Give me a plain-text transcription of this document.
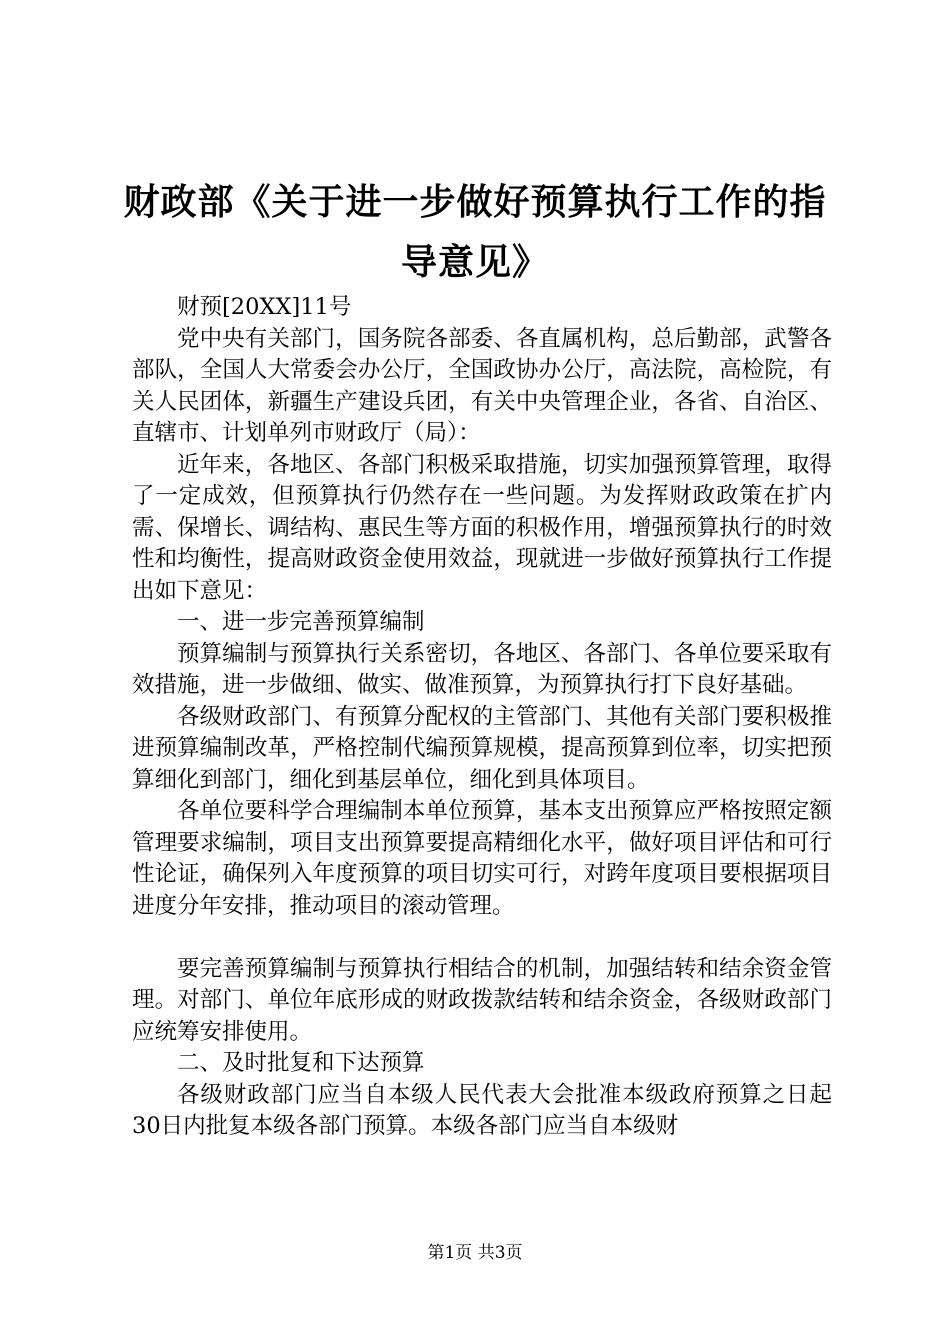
财政部《关于进一步做好预算执行工作的指导意见》

财预[20XX]11号

党中央有关部门，国务院各部委、各直属机构，总后勤部，武警各部队，全国人大常委会办公厅，全国政协办公厅，高法院，高检院，有关人民团体，新疆生产建设兵团，有关中央管理企业，各省、自治区、直辖市、计划单列市财政厅（局）：

近年来，各地区、各部门积极采取措施，切实加强预算管理，取得了一定成效，但预算执行仍然存在一些问题。为发挥财政政策在扩内需、保增长、调结构、惠民生等方面的积极作用，增强预算执行的时效性和均衡性，提高财政资金使用效益，现就进一步做好预算执行工作提出如下意见：

一、进一步完善预算编制

预算编制与预算执行关系密切，各地区、各部门、各单位要采取有效措施，进一步做细、做实、做准预算，为预算执行打下良好基础。

各级财政部门、有预算分配权的主管部门、其他有关部门要积极推进预算编制改革，严格控制代编预算规模，提高预算到位率，切实把预算细化到部门，细化到基层单位，细化到具体项目。

各单位要科学合理编制本单位预算，基本支出预算应严格按照定额管理要求编制，项目支出预算要提高精细化水平，做好项目评估和可行性论证，确保列入年度预算的项目切实可行，对跨年度项目要根据项目进度分年安排，推动项目的滚动管理。

要完善预算编制与预算执行相结合的机制，加强结转和结余资金管理。对部门、单位年底形成的财政拨款结转和结余资金，各级财政部门应统筹安排使用。

二、及时批复和下达预算

各级财政部门应当自本级人民代表大会批准本级政府预算之日起30日内批复本级各部门预算。本级各部门应当自本级财

第1页 共3页
